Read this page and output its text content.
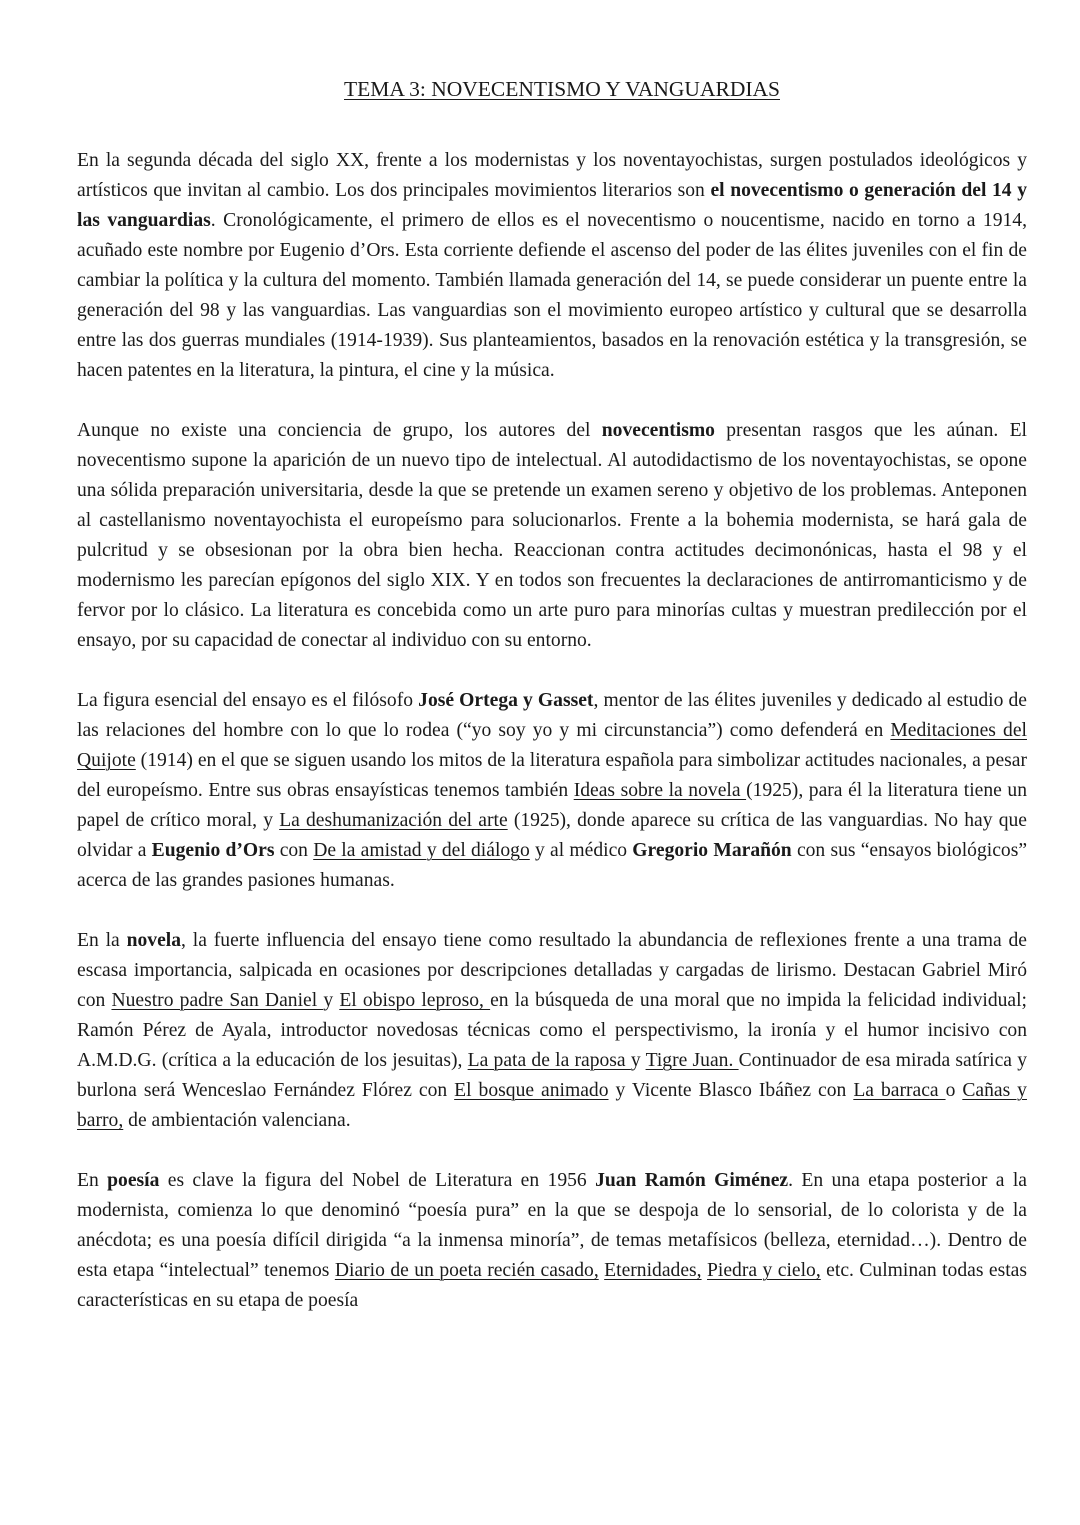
TEMA 3: NOVECENTISMO Y VANGUARDIAS

En la segunda década del siglo XX, frente a los modernistas y los noventayochistas, surgen postulados ideológicos y artísticos que invitan al cambio. Los dos principales movimientos literarios son el novecentismo o generación del 14 y las vanguardias. Cronológicamente, el primero de ellos es el novecentismo o noucentisme, nacido en torno a 1914, acuñado este nombre por Eugenio d’Ors. Esta corriente defiende el ascenso del poder de las élites juveniles con el fin de cambiar la política y la cultura del momento. También llamada generación del 14, se puede considerar un puente entre la generación del 98 y las vanguardias. Las vanguardias son el movimiento europeo artístico y cultural que se desarrolla entre las dos guerras mundiales (1914-1939). Sus planteamientos, basados en la renovación estética y la transgresión, se hacen patentes en la literatura, la pintura, el cine y la música.

Aunque no existe una conciencia de grupo, los autores del novecentismo presentan rasgos que les aúnan. El novecentismo supone la aparición de un nuevo tipo de intelectual. Al autodidactismo de los noventayochistas, se opone una sólida preparación universitaria, desde la que se pretende un examen sereno y objetivo de los problemas. Anteponen al castellanismo noventayochista el europeísmo para solucionarlos. Frente a la bohemia modernista, se hará gala de pulcritud y se obsesionan por la obra bien hecha. Reaccionan contra actitudes decimonónicas, hasta el 98 y el modernismo les parecían epígonos del siglo XIX. Y en todos son frecuentes la declaraciones de antirromanticismo y de fervor por lo clásico. La literatura es concebida como un arte puro para minorías cultas y muestran predilección por el ensayo, por su capacidad de conectar al individuo con su entorno.

La figura esencial del ensayo es el filósofo José Ortega y Gasset, mentor de las élites juveniles y dedicado al estudio de las relaciones del hombre con lo que lo rodea (“yo soy yo y mi circunstancia”) como defenderá en Meditaciones del Quijote (1914) en el que se siguen usando los mitos de la literatura española para simbolizar actitudes nacionales, a pesar del europeísmo. Entre sus obras ensayísticas tenemos también Ideas sobre la novela (1925), para él la literatura tiene un papel de crítico moral, y La deshumanización del arte (1925), donde aparece su crítica de las vanguardias. No hay que olvidar a Eugenio d’Ors con De la amistad y del diálogo y al médico Gregorio Marañón con sus “ensayos biológicos” acerca de las grandes pasiones humanas.

En la novela, la fuerte influencia del ensayo tiene como resultado la abundancia de reflexiones frente a una trama de escasa importancia, salpicada en ocasiones por descripciones detalladas y cargadas de lirismo. Destacan Gabriel Miró con Nuestro padre San Daniel y El obispo leproso, en la búsqueda de una moral que no impida la felicidad individual; Ramón Pérez de Ayala, introductor novedosas técnicas como el perspectivismo, la ironía y el humor incisivo con A.M.D.G. (crítica a la educación de los jesuitas), La pata de la raposa y Tigre Juan. Continuador de esa mirada satírica y burlona será Wenceslao Fernández Flórez con El bosque animado y Vicente Blasco Ibáñez con La barraca o Cañas y barro, de ambientación valenciana.

En poesía es clave la figura del Nobel de Literatura en 1956 Juan Ramón Giménez. En una etapa posterior a la modernista, comienza lo que denominó “poesía pura” en la que se despoja de lo sensorial, de lo colorista y de la anécdota; es una poesía difícil dirigida “a la inmensa minoría”, de temas metafísicos (belleza, eternidad…). Dentro de esta etapa “intelectual” tenemos Diario de un poeta recién casado, Eternidades, Piedra y cielo, etc. Culminan todas estas características en su etapa de poesía
